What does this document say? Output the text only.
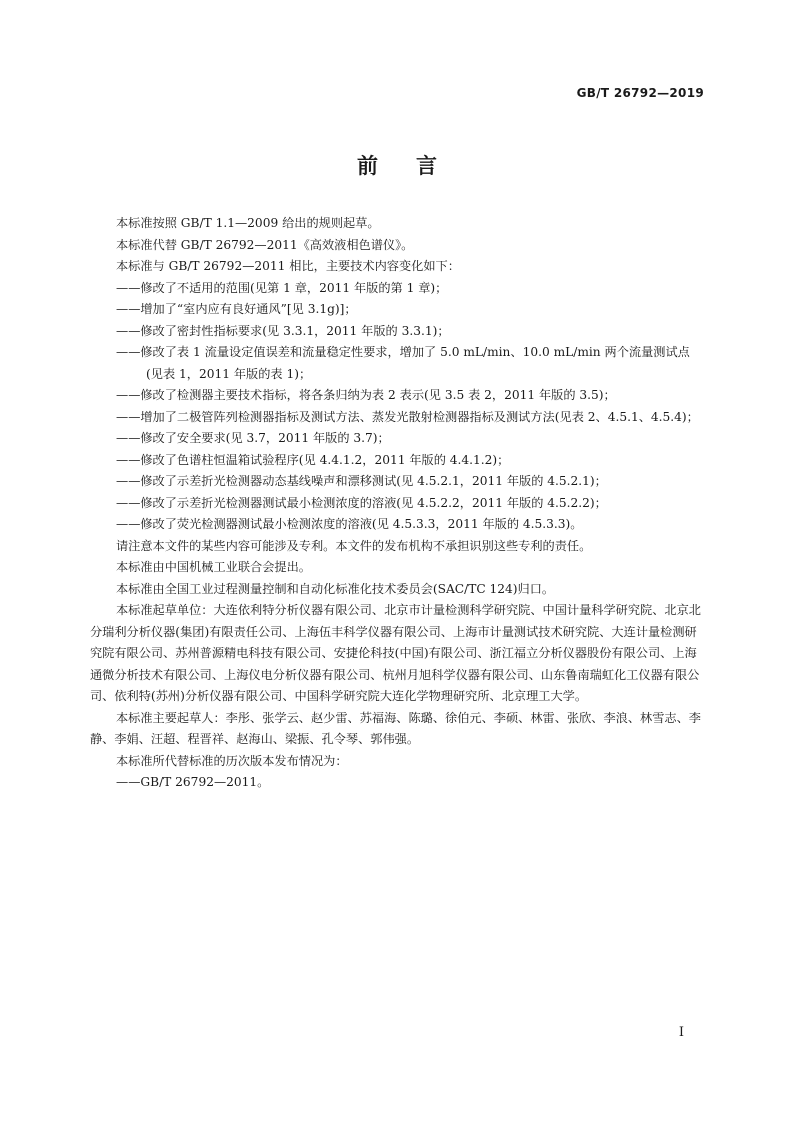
GB/T 26792—2019
前言

本标准按照 GB/T 1.1—2009 给出的规则起草。

本标准代替 GB/T 26792—2011《高效液相色谱仪》。

本标准与 GB/T 26792—2011 相比，主要技术内容变化如下：

——修改了不适用的范围(见第 1 章，2011 年版的第 1 章)；

——增加了“室内应有良好通风”[见 3.1g)]；

——修改了密封性指标要求(见 3.3.1，2011 年版的 3.3.1)；

——修改了表 1 流量设定值误差和流量稳定性要求，增加了 5.0 mL/min、10.0 mL/min 两个流量测试点(见表 1，2011 年版的表 1)；

——修改了检测器主要技术指标，将各条归纳为表 2 表示(见 3.5 表 2，2011 年版的 3.5)；

——增加了二极管阵列检测器指标及测试方法、蒸发光散射检测器指标及测试方法(见表 2、4.5.1、4.5.4)；

——修改了安全要求(见 3.7，2011 年版的 3.7)；

——修改了色谱柱恒温箱试验程序(见 4.4.1.2，2011 年版的 4.4.1.2)；

——修改了示差折光检测器动态基线噪声和漂移测试(见 4.5.2.1，2011 年版的 4.5.2.1)；

——修改了示差折光检测器测试最小检测浓度的溶液(见 4.5.2.2，2011 年版的 4.5.2.2)；

——修改了荧光检测器测试最小检测浓度的溶液(见 4.5.3.3，2011 年版的 4.5.3.3)。

请注意本文件的某些内容可能涉及专利。本文件的发布机构不承担识别这些专利的责任。

本标准由中国机械工业联合会提出。

本标准由全国工业过程测量控制和自动化标准化技术委员会(SAC/TC 124)归口。

本标准起草单位：大连依利特分析仪器有限公司、北京市计量检测科学研究院、中国计量科学研究院、北京北分瑞利分析仪器(集团)有限责任公司、上海伍丰科学仪器有限公司、上海市计量测试技术研究院、大连计量检测研究院有限公司、苏州普源精电科技有限公司、安捷伦科技(中国)有限公司、浙江福立分析仪器股份有限公司、上海通微分析技术有限公司、上海仪电分析仪器有限公司、杭州月旭科学仪器有限公司、山东鲁南瑞虹化工仪器有限公司、依利特(苏州)分析仪器有限公司、中国科学研究院大连化学物理研究所、北京理工大学。

本标准主要起草人：李彤、张学云、赵少雷、苏福海、陈璐、徐伯元、李硕、林雷、张欣、李浪、林雪志、李静、李娟、汪超、程晋祥、赵海山、梁振、孔令琴、郭伟强。

本标准所代替标准的历次版本发布情况为：

——GB/T 26792—2011。

I
